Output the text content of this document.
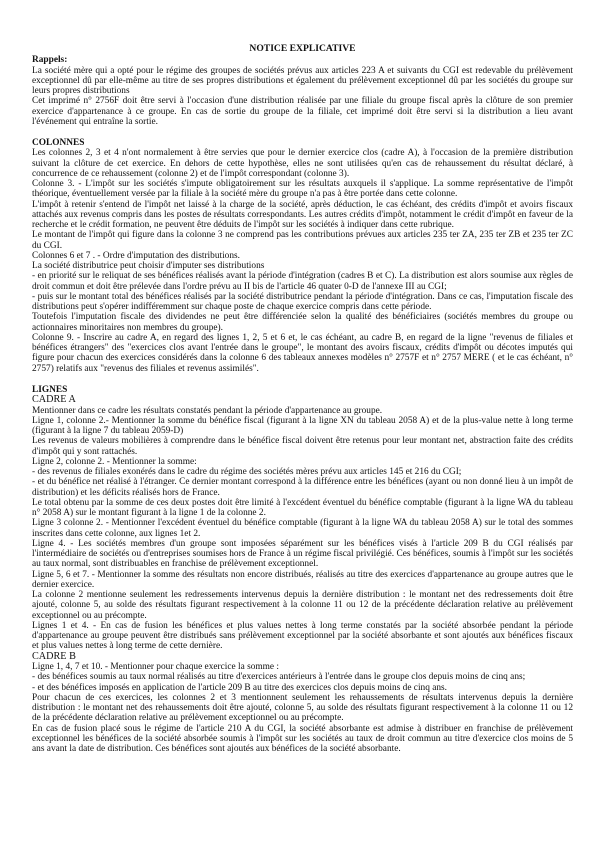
NOTICE EXPLICATIVE
Rappels:

La société mère qui a opté pour le régime des groupes de sociétés prévus aux articles 223 A et suivants du CGI est redevable du prélèvement exceptionnel dû par elle-même au titre de ses propres distributions et également du prélèvement exceptionnel dû par les sociétés du groupe sur leurs propres distributions

Cet imprimé n° 2756F doit être servi à l'occasion d'une distribution réalisée par une filiale du groupe fiscal après la clôture de son premier exercice d'appartenance à ce groupe. En cas de sortie du groupe de la filiale, cet imprimé doit être servi si la distribution a lieu avant l'événement qui entraîne la sortie.

COLONNES

Les colonnes 2, 3 et 4 n'ont normalement à être servies que pour le dernier exercice clos (cadre A), à l'occasion de la première distribution suivant la clôture de cet exercice. En dehors de cette hypothèse, elles ne sont utilisées qu'en cas de rehaussement du résultat déclaré, à concurrence de ce rehaussement (colonne 2) et de l'impôt correspondant (colonne 3).

Colonne 3. - L'impôt sur les sociétés s'impute obligatoirement sur les résultats auxquels il s'applique. La somme représentative de l'impôt théorique, éventuellement versée par la filiale à la société mère du groupe n'a pas à être portée dans cette colonne.

L'impôt à retenir s'entend de l'impôt net laissé à la charge de la société, après déduction, le cas échéant, des crédits d'impôt et avoirs fiscaux attachés aux revenus compris dans les postes de résultats correspondants. Les autres crédits d'impôt, notamment le crédit d'impôt en faveur de la recherche et le crédit formation, ne peuvent être déduits de l'impôt sur les sociétés à indiquer dans cette rubrique.

Le montant de l'impôt qui figure dans la colonne 3 ne comprend pas les contributions prévues aux articles 235 ter ZA, 235 ter ZB et 235 ter ZC du CGI.

Colonnes 6 et 7 . - Ordre d'imputation des distributions.

La société distributrice peut choisir d'imputer ses distributions

- en priorité sur le reliquat de ses bénéfices réalisés avant la période d'intégration (cadres B et C). La distribution est alors soumise aux règles de droit commun et doit être prélevée dans l'ordre prévu au II bis de l'article 46 quater 0-D de l'annexe III au CGI;

- puis sur le montant total des bénéfices réalisés par la société distributrice pendant la période d'intégration. Dans ce cas, l'imputation fiscale des distributions peut s'opérer indifféremment sur chaque poste de chaque exercice compris dans cette période.

Toutefois l'imputation fiscale des dividendes ne peut être différenciée selon la qualité des bénéficiaires (sociétés membres du groupe ou actionnaires minoritaires non membres du groupe).

Colonne 9. - Inscrire au cadre A, en regard des lignes 1, 2, 5 et 6 et, le cas échéant, au cadre B, en regard de la ligne "revenus de filiales et bénéfices étrangers" des "exercices clos avant l'entrée dans le groupe", le montant des avoirs fiscaux, crédits d'impôt ou décotes imputés qui figure pour chacun des exercices considérés dans la colonne 6 des tableaux annexes modèles n° 2757F et n° 2757 MERE ( et le cas échéant, n° 2757) relatifs aux "revenus des filiales et revenus assimilés".

LIGNES
CADRE A

Mentionner dans ce cadre les résultats constatés pendant la période d'appartenance au groupe.

Ligne 1, colonne 2.- Mentionner la somme du bénéfice fiscal (figurant à la ligne XN du tableau 2058 A) et de la plus-value nette à long terme (figurant à la ligne 7 du tableau 2059-D)

Les revenus de valeurs mobilières à comprendre dans le bénéfice fiscal doivent être retenus pour leur montant net, abstraction faite des crédits d'impôt qui y sont rattachés.

Ligne 2, colonne 2. - Mentionner la somme:

- des revenus de filiales exonérés dans le cadre du régime des sociétés mères prévu aux articles 145 et 216 du CGI;

- et du bénéfice net réalisé à l'étranger. Ce dernier montant correspond à la différence entre les bénéfices (ayant ou non donné lieu à un impôt de distribution) et les déficits réalisés hors de France.

Le total obtenu par la somme de ces deux postes doit être limité à l'excédent éventuel du bénéfice comptable (figurant à la ligne WA du tableau n° 2058 A) sur le montant figurant à la ligne 1 de la colonne 2.

Ligne 3 colonne 2. - Mentionner l'excédent éventuel du bénéfice comptable (figurant à la ligne WA du tableau 2058 A) sur le total des sommes inscrites dans cette colonne, aux lignes 1et 2.

Ligne 4. - Les sociétés membres d'un groupe sont imposées séparément sur les bénéfices visés à l'article 209 B du CGI réalisés par l'intermédiaire de sociétés ou d'entreprises soumises hors de France à un régime fiscal privilégié. Ces bénéfices, soumis à l'impôt sur les sociétés au taux normal, sont distribuables en franchise de prélèvement exceptionnel.

Ligne 5, 6 et 7. - Mentionner la somme des résultats non encore distribués, réalisés au titre des exercices d'appartenance au groupe autres que le dernier exercice.

La colonne 2 mentionne seulement les redressements intervenus depuis la dernière distribution : le montant net des redressements doit être ajouté, colonne 5, au solde des résultats figurant respectivement à la colonne 11 ou 12 de la précédente déclaration relative au prélèvement exceptionnel ou au précompte.

Lignes 1 et 4. - En cas de fusion les bénéfices et plus values nettes à long terme constatés par la société absorbée pendant la période d'appartenance au groupe peuvent être distribués sans prélèvement exceptionnel par la société absorbante et sont ajoutés aux bénéfices fiscaux et plus values nettes à long terme de cette dernière.

CADRE B

Ligne 1, 4, 7 et 10. - Mentionner pour chaque exercice la somme :

- des bénéfices soumis au taux normal réalisés au titre d'exercices antérieurs à l'entrée dans le groupe clos depuis moins de cinq ans;

- et des bénéfices imposés en application de l'article 209 B au titre des exercices clos depuis moins de cinq ans.

Pour chacun de ces exercices, les colonnes 2 et 3 mentionnent seulement les rehaussements de résultats intervenus depuis la dernière distribution : le montant net des rehaussements doit être ajouté, colonne 5, au solde des résultats figurant respectivement à la colonne 11 ou 12 de la précédente déclaration relative au prélèvement exceptionnel ou au précompte.

En cas de fusion placé sous le régime de l'article 210 A du CGI, la société absorbante est admise à distribuer en franchise de prélèvement exceptionnel les bénéfices de la société absorbée soumis à l'impôt sur les sociétés au taux de droit commun au titre d'exercice clos moins de 5 ans avant la date de distribution. Ces bénéfices sont ajoutés aux bénéfices de la société absorbante.
